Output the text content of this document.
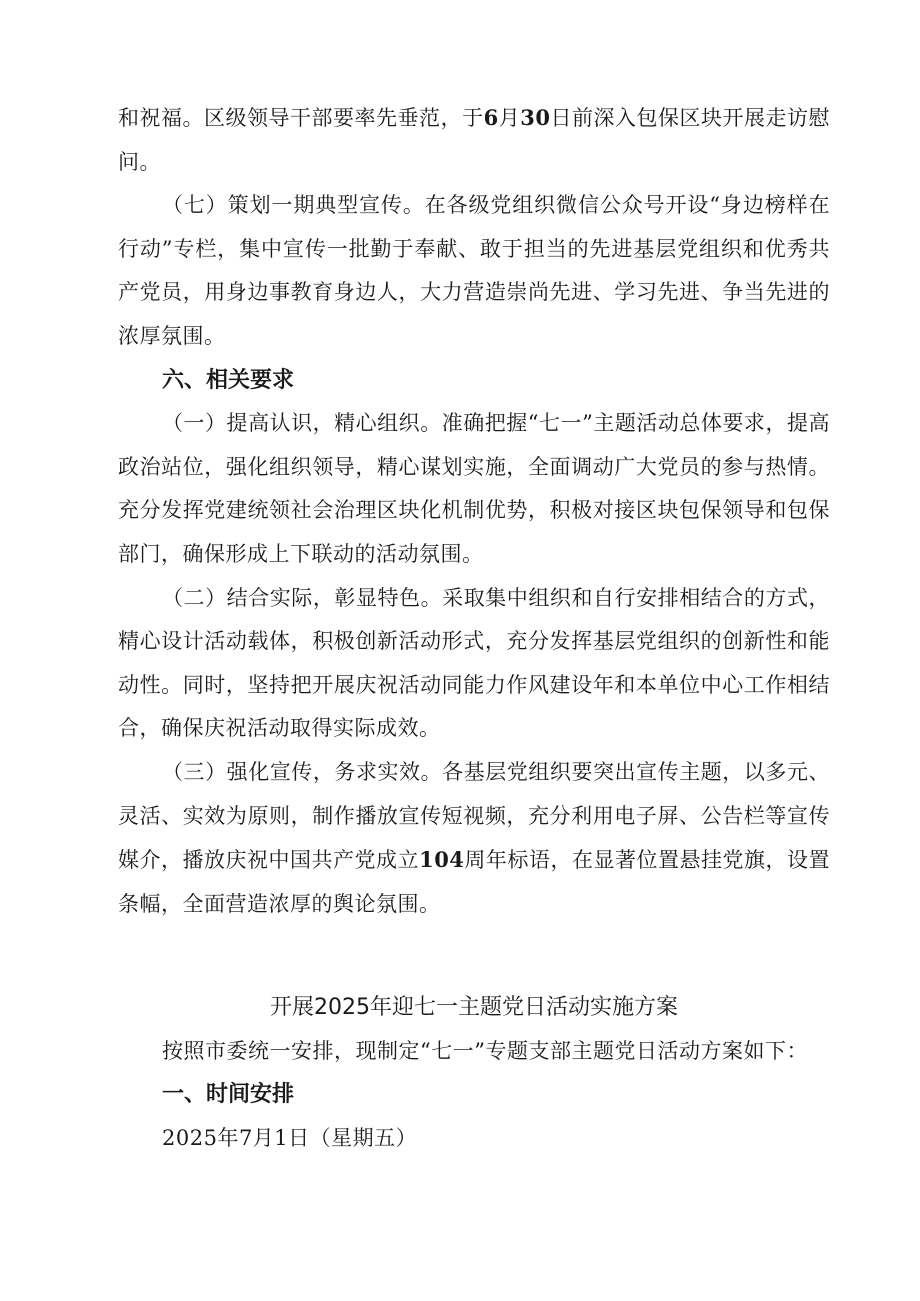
和祝福。区级领导干部要率先垂范，于6月30日前深入包保区块开展走访慰问。

（七）策划一期典型宣传。在各级党组织微信公众号开设“身边榜样在行动”专栏，集中宣传一批勤于奉献、敢于担当的先进基层党组织和优秀共产党员，用身边事教育身边人，大力营造崇尚先进、学习先进、争当先进的浓厚氛围。

六、相关要求

（一）提高认识，精心组织。准确把握“七一”主题活动总体要求，提高政治站位，强化组织领导，精心谋划实施，全面调动广大党员的参与热情。充分发挥党建统领社会治理区块化机制优势，积极对接区块包保领导和包保部门，确保形成上下联动的活动氛围。

（二）结合实际，彰显特色。采取集中组织和自行安排相结合的方式，精心设计活动载体，积极创新活动形式，充分发挥基层党组织的创新性和能动性。同时，坚持把开展庆祝活动同能力作风建设年和本单位中心工作相结合，确保庆祝活动取得实际成效。

（三）强化宣传，务求实效。各基层党组织要突出宣传主题，以多元、灵活、实效为原则，制作播放宣传短视频，充分利用电子屏、公告栏等宣传媒介，播放庆祝中国共产党成立104周年标语，在显著位置悬挂党旗，设置条幅，全面营造浓厚的舆论氛围。

开展2025年迎七一主题党日活动实施方案

按照市委统一安排，现制定“七一”专题支部主题党日活动方案如下：

一、时间安排

2025年7月1日（星期五）
